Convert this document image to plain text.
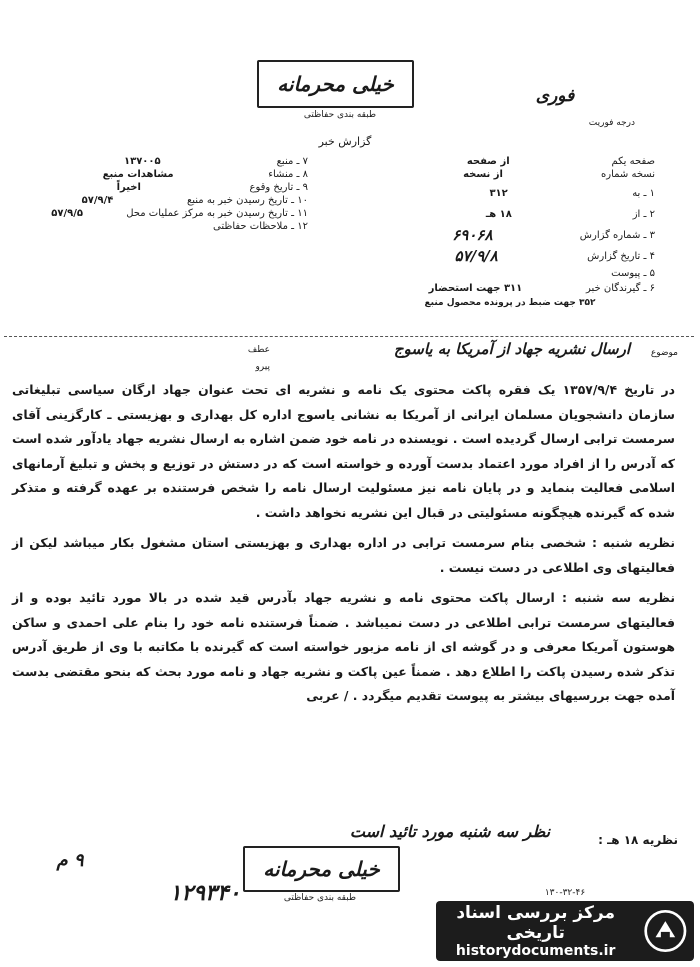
خیلی محرمانه
طبقه بندی حفاظتی
فوری
درجه فوریت
گزارش خبر
صفحه یکم
از صفحه
نسخه شماره
از نسخه
۱ ـ به
۳۱۲
۲ ـ از
۱۸ هـ
۳ ـ شماره گزارش
۶۹۰۶۸
۴ ـ تاریخ گزارش
۵۷/۹/۸
۵ ـ پیوست
۶ ـ گیرندگان خبر
۳۱۱ جهت استحضار
۳۵۲ جهت ضبط در پرونده محصول منبع
۷ ـ منبع
۱۳۷۰۰۵
۸ ـ منشاء
مشاهدات منبع
۹ ـ تاریخ وقوع
اخیراً
۱۰ ـ تاریخ رسیدن خبر به منبع
۵۷/۹/۴
۱۱ ـ تاریخ رسیدن خبر به مرکز عملیات محل
۵۷/۹/۵
۱۲ ـ ملاحظات حفاظتی
موضوع
ارسال نشریه جهاد از آمریکا به یاسوج
عطف
پیرو

در تاریخ ۱۳۵۷/۹/۴ یک فقره پاکت محتوی یک نامه و نشریه ای تحت عنوان جهاد ارگان سیاسی تبلیغاتی سازمان دانشجویان مسلمان ایرانی از آمریکا به نشانی یاسوج اداره کل بهداری و بهزیستی ـ کارگزینی آقای سرمست ترابی ارسال گردیده است . نویسنده در نامه خود ضمن اشاره به ارسال نشریه جهاد یادآور شده است که آدرس را از افراد مورد اعتماد بدست آورده و خواسته است که در دستش در توزیع و پخش و تبلیغ آرمانهای اسلامی فعالیت بنماید و در پایان نامه نیز مسئولیت ارسال نامه را شخص فرستنده بر عهده گرفته و متذکر شده که گیرنده هیچگونه مسئولیتی در قبال این نشریه نخواهد داشت .

نظریه شنبه : شخصی بنام سرمست ترابی در اداره بهداری و بهزیستی استان مشغول بکار میباشد لیکن از فعالیتهای وی اطلاعی در دست نیست .

نظریه سه شنبه : ارسال پاکت محتوی نامه و نشریه جهاد بآدرس قید شده در بالا مورد تائید بوده و از فعالیتهای سرمست ترابی اطلاعی در دست نمیباشد . ضمناً فرستنده نامه خود را بنام علی احمدی و ساکن هوستون آمریکا معرفی و در گوشه ای از نامه مزبور خواسته است که گیرنده با مکاتبه با وی از طریق آدرس تذکر شده رسیدن پاکت را اطلاع دهد . ضمناً عین پاکت و نشریه جهاد و نامه مورد بحث که بنحو مقتضی بدست آمده جهت بررسیهای بیشتر به پیوست تقدیم میگردد . / عربی

نظریه ۱۸ هـ :
نظر سه شنبه مورد تائید است
خیلی محرمانه
طبقه بندی حفاظتی
۹ م
۱۲۹۳۴۰	۱۳۰-۳۲-۴۶
مرکز بررسی اسناد تاریخی
historydocuments.ir
